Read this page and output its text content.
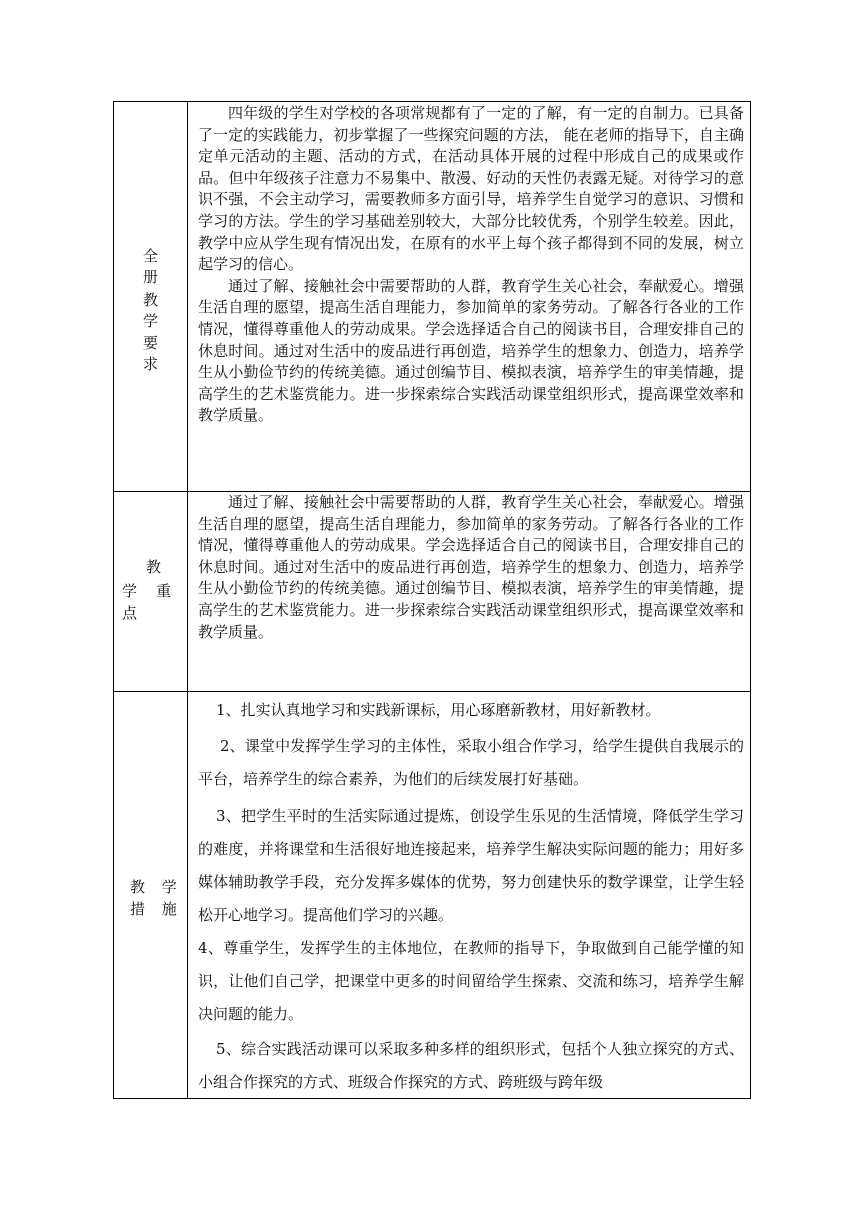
全 册
教 学
要 求

四年级的学生对学校的各项常规都有了一定的了解，有一定的自制力。已具备了一定的实践能力，初步掌握了一些探究问题的方法， 能在老师的指导下，自主确定单元活动的主题、活动的方式，在活动具体开展的过程中形成自己的成果或作品。但中年级孩子注意力不易集中、散漫、好动的天性仍表露无疑。对待学习的意识不强，不会主动学习，需要教师多方面引导，培养学生自觉学习的意识、习惯和学习的方法。学生的学习基础差别较大，大部分比较优秀，个别学生较差。因此，教学中应从学生现有情况出发，在原有的水平上每个孩子都得到不同的发展，树立起学习的信心。

通过了解、接触社会中需要帮助的人群，教育学生关心社会，奉献爱心。增强生活自理的愿望，提高生活自理能力，参加简单的家务劳动。了解各行各业的工作情况，懂得尊重他人的劳动成果。学会选择适合自己的阅读书目，合理安排自己的休息时间。通过对生活中的废品进行再创造，培养学生的想象力、创造力，培养学生从小勤俭节约的传统美德。通过创编节目、模拟表演，培养学生的审美情趣，提高学生的艺术鉴赏能力。进一步探索综合实践活动课堂组织形式，提高课堂效率和教学质量。

教
学    重
点

通过了解、接触社会中需要帮助的人群，教育学生关心社会，奉献爱心。增强生活自理的愿望，提高生活自理能力，参加简单的家务劳动。了解各行各业的工作情况，懂得尊重他人的劳动成果。学会选择适合自己的阅读书目，合理安排自己的休息时间。通过对生活中的废品进行再创造，培养学生的想象力、创造力，培养学生从小勤俭节约的传统美德。通过创编节目、模拟表演，培养学生的审美情趣，提高学生的艺术鉴赏能力。进一步探索综合实践活动课堂组织形式，提高课堂效率和教学质量。

教 学
措 施

1、扎实认真地学习和实践新课标，用心琢磨新教材，用好新教材。

2、课堂中发挥学生学习的主体性，采取小组合作学习，给学生提供自我展示的平台，培养学生的综合素养，为他们的后续发展打好基础。

3、把学生平时的生活实际通过提炼，创设学生乐见的生活情境，降低学生学习的难度，并将课堂和生活很好地连接起来，培养学生解决实际问题的能力；用好多媒体辅助教学手段，充分发挥多媒体的优势，努力创建快乐的数学课堂，让学生轻松开心地学习。提高他们学习的兴趣。

4、尊重学生，发挥学生的主体地位，在教师的指导下，争取做到自己能学懂的知识，让他们自己学，把课堂中更多的时间留给学生探索、交流和练习，培养学生解决问题的能力。

5、综合实践活动课可以采取多种多样的组织形式，包括个人独立探究的方式、小组合作探究的方式、班级合作探究的方式、跨班级与跨年级
